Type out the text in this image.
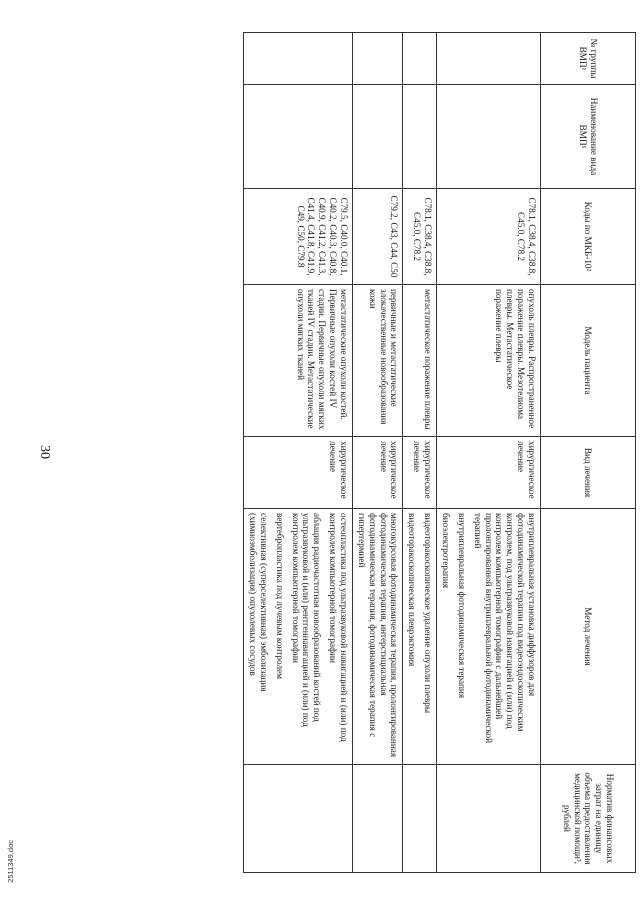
30
№ группы ВМП¹	Наименование вида ВМП¹	Коды по МКБ-10²	Модель пациента	Вид лечения	Метод лечения	Норматив финансовых затрат на единицу объема предоставления медицинской помощи³, рублей
		C78.1, C38.4, C38.8, C45.0, C78.2	опухоль плевры. Распространенное поражение плевры. Мезотелиома плевры. Метастатическое поражение плевры	хирургическое лечение	внутриплевральная установка диффузоров для фотодинамической терапии под видеоэндоскопическим контролем, под ультразвуковой навигацией и (или) под контролем компьютерной томографии с дальнейшей пролонгированной внутриплевральной фотодинамической терапией
внутриплевральная фотодинамическая терапия
биоэлектротерапия	

		C78.1, C38.4, C38.8, C45.0, C78.2	метастатическое поражение плевры	хирургическое лечение	видеоторакоскопическое удаление опухоли плевры
видеоторакоскопическая плеврэктомия	

		C79.2, C43, C44, C50	первичные и метастатические злокачественные новообразования кожи	хирургическое лечение	многокурсовая фотодинамическая терапия, пролонгированная фотодинамическая терапия, интерстициальная фотодинамическая терапия, фотодинамическая терапия с гипертермией	

		C79.5, C40.0, C40.1, C40.2, C40.3, C40.8, C40.9, C41.2, C41.3, C41.4, C41.8, C41.9, C49, C50, C79.8	метастатические опухоли костей. Первичные опухоли костей IV стадии. Первичные опухоли мягких тканей IV стадии. Метастатические опухоли мягких тканей	хирургическое лечение	остеопластика под ультразвуковой навигацией и (или) под контролем компьютерной томографии
аблация радиочастотная новообразований костей под ультразвуковой и (или) рентгеннавигацией и (или) под контролем компьютерной томографии
вертебропластика под лучевым контролем
селективная (суперселективная) эмболизация (химиоэмболизация) опухолевых сосудов	

2511349.doc
